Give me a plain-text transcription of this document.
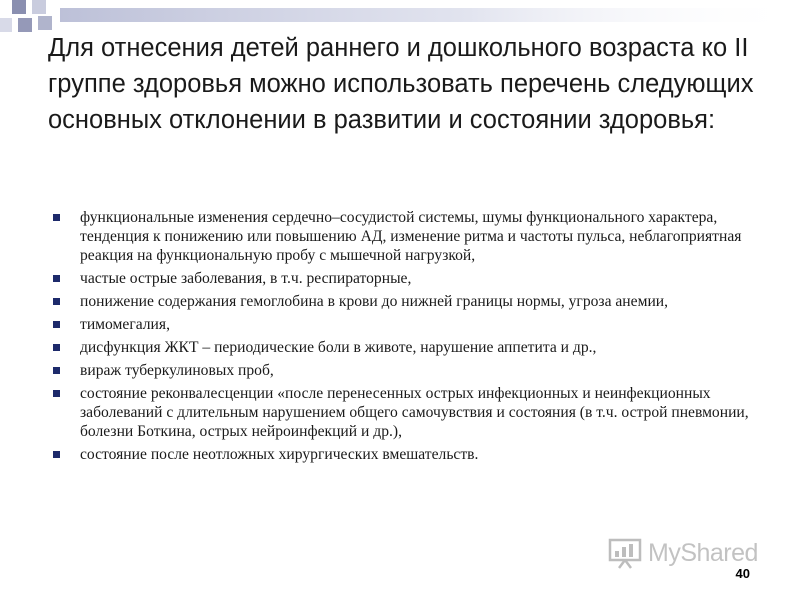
Для отнесения детей раннего и дошкольного возраста ко II группе здоровья можно использовать перечень следующих основных отклонении в развитии и состоянии здоровья:
функциональные изменения сердечно–сосудистой системы, шумы функционального характера, тенденция к понижению или повышению АД, изменение ритма и частоты пульса, неблагоприятная реакция на функциональную пробу с мышечной нагрузкой,
частые острые заболевания, в т.ч. респираторные,
понижение содержания гемоглобина в крови до нижней границы нормы, угроза анемии,
тимомегалия,
дисфункция ЖКТ – периодические боли в животе, нарушение аппетита и др.,
вираж туберкулиновых проб,
состояние реконвалесценции «после перенесенных острых инфекционных и неинфекционных заболеваний с длительным нарушением общего самочувствия и состояния (в т.ч. острой пневмонии, болезни Боткина, острых нейроинфекций и др.),
состояние после неотложных хирургических вмешательств.
MyShared
40
